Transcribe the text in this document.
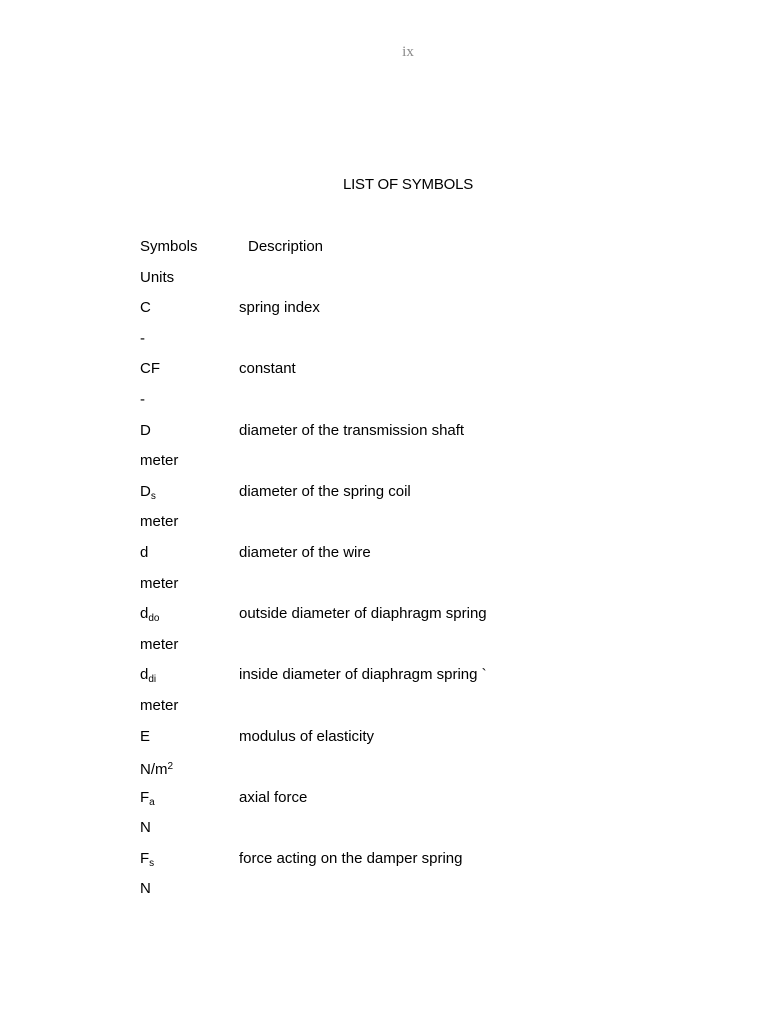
ix
LIST OF SYMBOLS
Symbols	Description
Units
C	spring index
-
CF	constant
-
D	diameter of the transmission shaft
meter
$D_s$	diameter of the spring coil
meter
d	diameter of the wire
meter
$d_{do}$	outside diameter of diaphragm spring
meter
$d_{di}$	inside diameter of diaphragm spring `
meter
E	modulus of elasticity
$N/m^2$
$F_a$	axial force
N
$F_s$	force acting on the damper spring
N
